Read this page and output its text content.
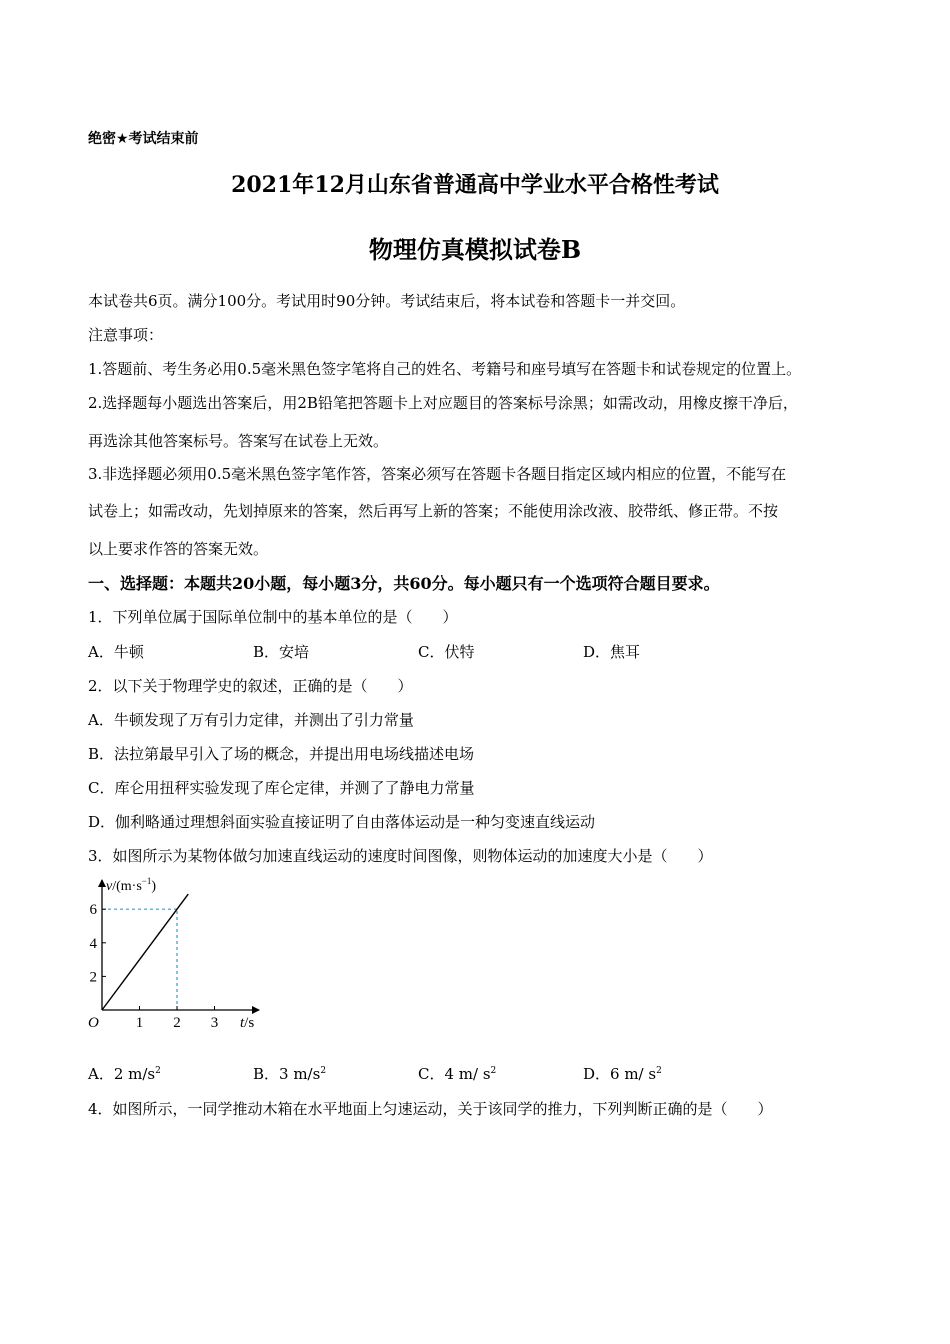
绝密★考试结束前
2021年12月山东省普通高中学业水平合格性考试
物理仿真模拟试卷B
本试卷共6页。满分100分。考试用时90分钟。考试结束后，将本试卷和答题卡一并交回。
注意事项：
1.答题前、考生务必用0.5毫米黑色签字笔将自己的姓名、考籍号和座号填写在答题卡和试卷规定的位置上。
2.选择题每小题选出答案后，用2B铅笔把答题卡上对应题目的答案标号涂黑；如需改动，用橡皮擦干净后，
再选涂其他答案标号。答案写在试卷上无效。
3.非选择题必须用0.5毫米黑色签字笔作答，答案必须写在答题卡各题目指定区域内相应的位置，不能写在
试卷上；如需改动，先划掉原来的答案，然后再写上新的答案；不能使用涂改液、胶带纸、修正带。不按
以上要求作答的答案无效。
一、选择题：本题共20小题，每小题3分，共60分。每小题只有一个选项符合题目要求。
1．下列单位属于国际单位制中的基本单位的是（　　）
A．牛顿	B．安培	C．伏特	D．焦耳
2．以下关于物理学史的叙述，正确的是（　　）
A．牛顿发现了万有引力定律，并测出了引力常量
B．法拉第最早引入了场的概念，并提出用电场线描述电场
C．库仑用扭秤实验发现了库仑定律，并测了了静电力常量
D．伽利略通过理想斜面实验直接证明了自由落体运动是一种匀变速直线运动
3．如图所示为某物体做匀加速直线运动的速度时间图像，则物体运动的加速度大小是（　　）
1 2 3
2
4
6
O
$v/(m\cdot s^{-1})$
t/s
A．2 $m/s^2$	B．3 $m/s^2$	C．4 m/ $s^2$	D．6 m/ $s^2$
4．如图所示，一同学推动木箱在水平地面上匀速运动，关于该同学的推力，下列判断正确的是（　　）
